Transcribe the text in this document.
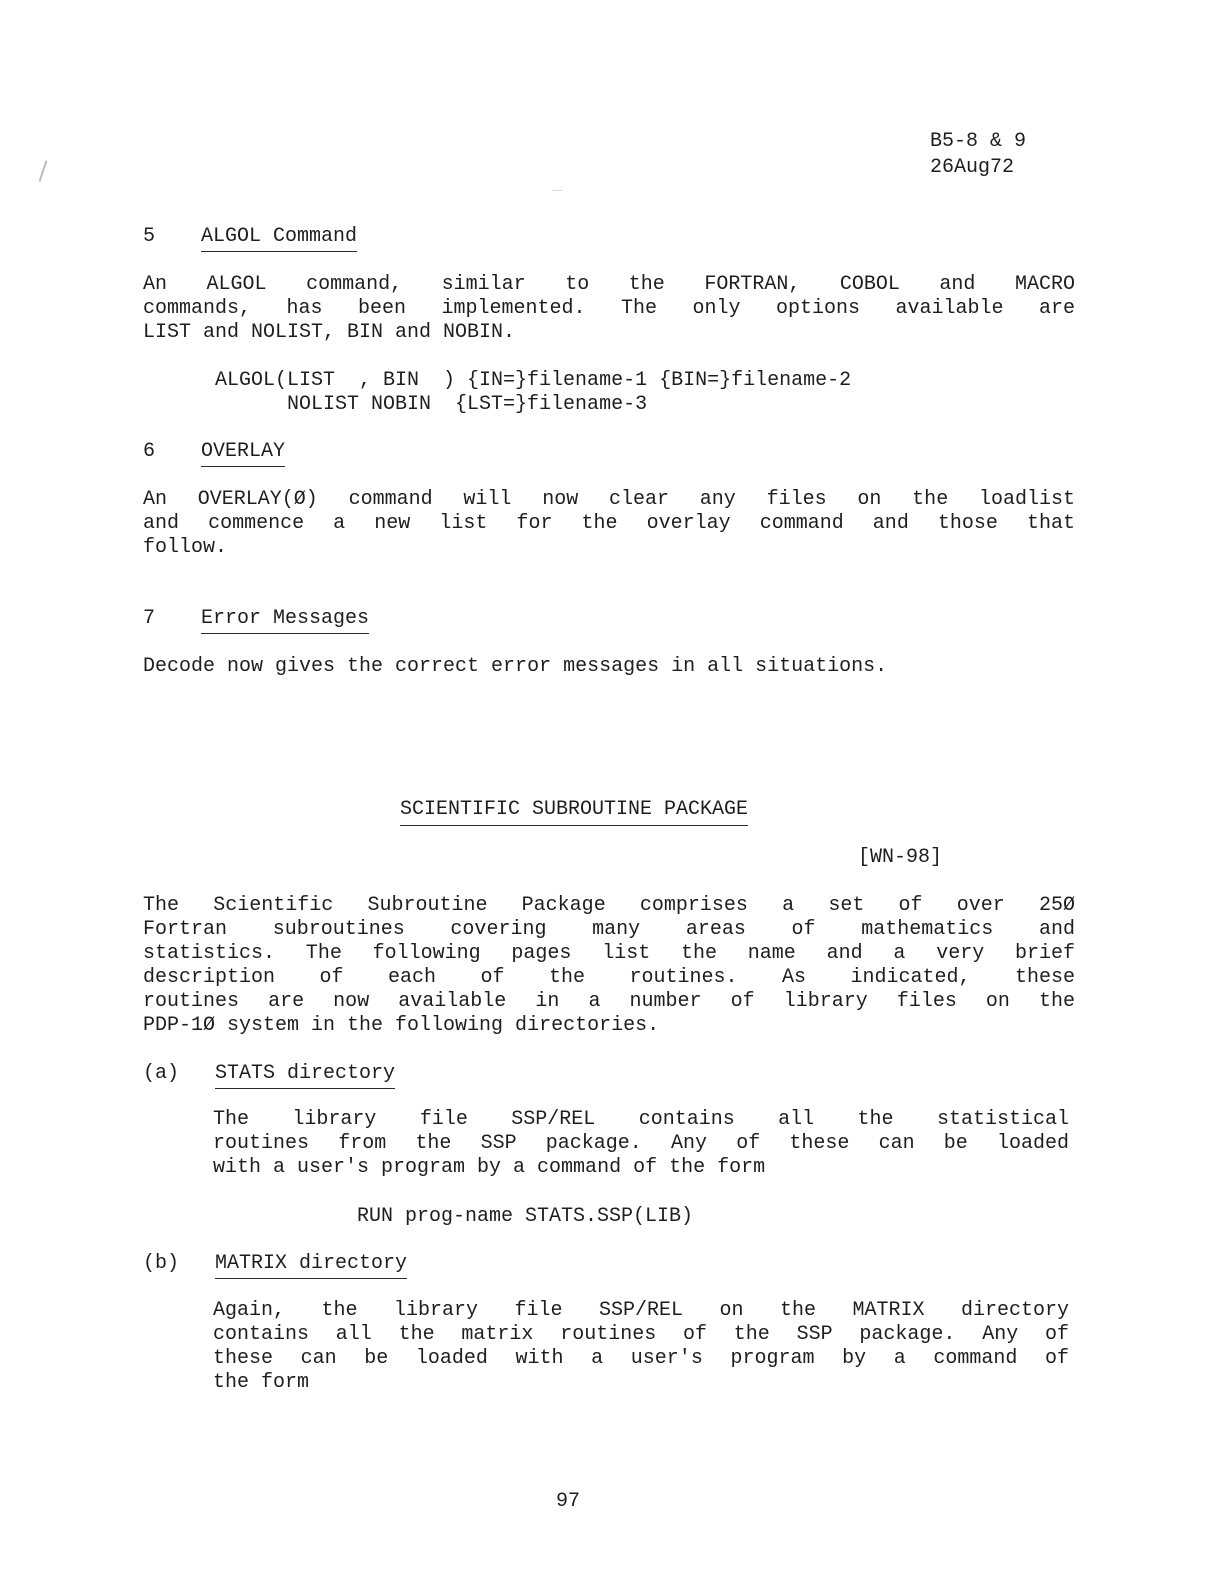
B5-8 & 9
26Aug72
5 ALGOL Command
An ALGOL command, similar to the FORTRAN, COBOL and MACRO
commands, has been implemented. The only options available are
LIST and NOLIST, BIN and NOBIN.
ALGOL(LIST  , BIN  ) {IN=}filename-1 {BIN=}filename-2
NOLIST NOBIN  {LST=}filename-3
6 OVERLAY
An OVERLAY(Ø) command will now clear any files on the loadlist
and commence a new list for the overlay command and those that
follow.
7 Error Messages
Decode now gives the correct error messages in all situations.
SCIENTIFIC SUBROUTINE PACKAGE
[WN-98]
The Scientific Subroutine Package comprises a set of over 25Ø
Fortran subroutines covering many areas of mathematics and
statistics. The following pages list the name and a very brief
description of each of the routines. As indicated, these
routines are now available in a number of library files on the
PDP-1Ø system in the following directories.
(a) STATS directory
The library file SSP/REL contains all the statistical
routines from the SSP package. Any of these can be loaded
with a user's program by a command of the form
RUN prog-name STATS.SSP(LIB)
(b) MATRIX directory
Again, the library file SSP/REL on the MATRIX directory
contains all the matrix routines of the SSP package. Any of
these can be loaded with a user's program by a command of
the form
97
